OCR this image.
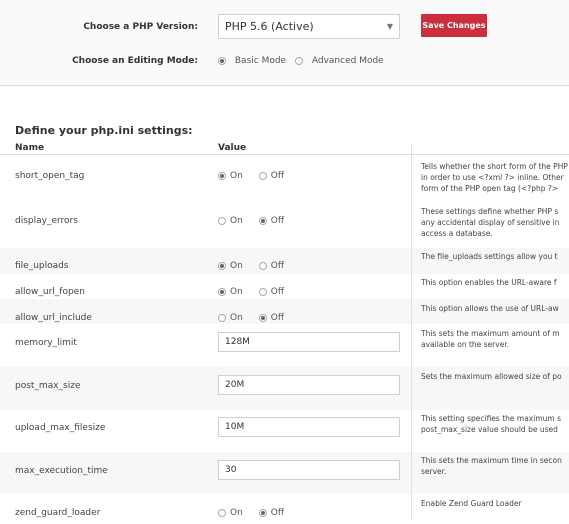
Choose a PHP Version:	PHP 5.6 (Active)	▼	Save Changes
Choose an Editing Mode:	Basic Mode	Advanced Mode
Define your php.ini settings:
Name	Value
short_open_tag	On	Off
Tells whether the short form of the PHP
in order to use <?xml ?> inline. Other
form of the PHP open tag (<?php ?>
display_errors	On	Off
These settings define whether PHP s
any accidental display of sensitive in
access a database.
file_uploads	On	Off
The file_uploads settings allow you t
allow_url_fopen	On	Off
This option enables the URL-aware f
allow_url_include	On	Off
This option allows the use of URL-aw
memory_limit	128M
This sets the maximum amount of m
available on the server.
post_max_size	20M
Sets the maximum allowed size of po
upload_max_filesize	10M
This setting specifies the maximum s
post_max_size value should be used
max_execution_time	30
This sets the maximum time in secon
server.
zend_guard_loader	On	Off
Enable Zend Guard Loader
